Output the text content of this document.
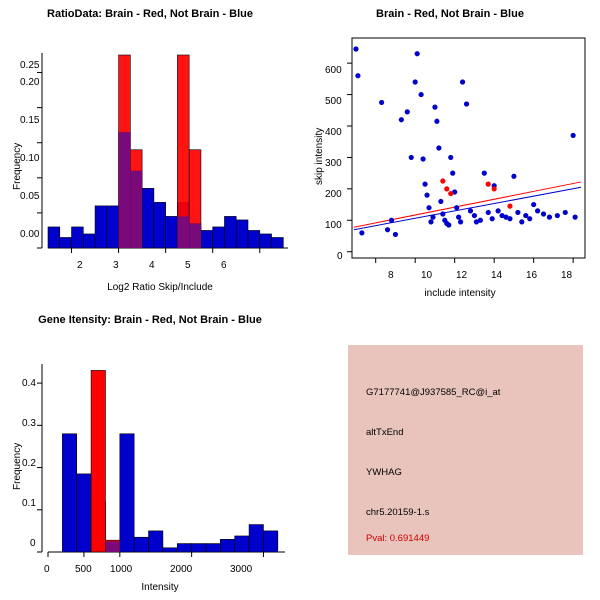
RatioData: Brain - Red, Not Brain - Blue
Frequency
Log2 Ratio Skip/Include
0.00
0.05
0.10
0.15
0.20
0.25
2	3	4	5	6
Brain - Red, Not Brain - Blue
skip intensity
include intensity
0
100
200
300
400
500
600
8	10 12 14 16 18
Gene Itensity: Brain - Red, Not Brain - Blue
Frequency
Intensity
0
0.1
0.2
0.3
0.4
0	500 1000	2000	3000
G7177741@J937585_RC@i_at
altTxEnd
YWHAG
chr5.20159-1.s
Pval: 0.691449
